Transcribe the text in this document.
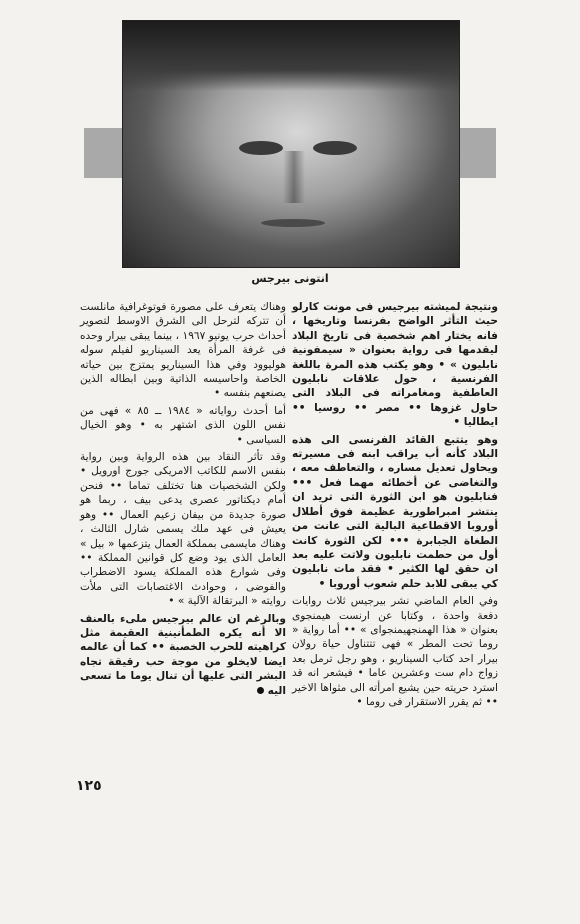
انتونى بيرجس

ونتيجة لميشته بيرجيس فى مونت كارلو حيث التأثر الواضح بفرنسا وتاريخها ، فانه يختار اهم شخصية فى تاريخ البلاد ليقدمها فى رواية بعنوان « سيمفونية نابليون » • وهو يكتب هذه المرة باللغة الفرنسية ، حول علاقات نابليون العاطفية ومغامراته فى البلاد التى حاول غزوها •• مصر •• روسيا •• ايطاليا •

وهو يتتبع القائد الفرنسى الى هذه البلاد كأنه أب يراقب ابنه فى مسيرته ويحاول تعديل مساره ، والتعاطف معه ، والتغاضى عن أخطائه مهما فعل ••• فنابليون هو ابن الثورة التى تريد ان ينتشر امبراطورية عظيمة فوق أطلال أوروبا الاقطاعية البالية التى عانت من الطغاة الجبابرة ••• لكن الثورة كانت أول من حطمت نابليون ولاتت عليه بعد ان حقق لها الكثير • فقد مات نابليون كي يبقى للابد حلم شعوب أوروبا •

وفي العام الماضي نشر بيرجيس ثلاث روايات دفعة واحدة ، وكتابا عن ارنست هيمنجوى بعنوان « هذا الهمنجهيمنجواى » •• أما رواية « روما تحت المطر » فهى تتتناول حياة رولان بيرار احد كتاب السيناريو ، وهو رجل ترمل بعد زواج دام ست وعشرين عاما • فيشعر انه قد استرد حريته حين يشيع امرأته الى مثواها الاخير •• ثم يقرر الاستقرار فى روما •

وهناك يتعرف على مصورة فوتوغرافية مانلست أن تتركه لترحل الى الشرق الاوسط لتصوير أحداث حرب يونيو ١٩٦٧ ، بينما يبقى بيرار وحده فى غرفة المرأة يعد السيناريو لفيلم سوله هوليوود وفي هذا السيناريو يمتزج بين حياته الخاصة واحاسيسه الذاتية وبين ابطاله الذين يصنعهم بنفسه •

أما أحدث رواياته « ١٩٨٤ ــ ٨٥ » فهى من نفس اللون الذى اشتهر به • وهو الخيال السياسى •

وقد تأثر النقاد بين هذه الرواية وبين رواية بنفس الاسم للكاتب الامريكى جورج اورويل • ولكن الشخصيات هنا تختلف تماما •• فنحن أمام ديكتاتور عصرى يدعى بيف ، ربما هو صورة جديدة من بيفان زعيم العمال •• وهو يعيش فى عهد ملك يسمى شارل الثالث ، وهناك مايسمى بمملكة العمال يتزعمها « بيل » العامل الذى يود وضع كل قوانين المملكة •• وفى شوارع هذه المملكة يسود الاضطراب والفوضى ، وحوادث الاغتصابات التى ملأت روايته « البرتقالة الآلية » •

وبالرغم ان عالم بيرجيس ملىء بالعنف الا أنه يكره الطمأنينية العقيمة مثل كراهيته للحرب الخصبة •• كما أن عالمه ايضا لايخلو من موجة حب رقيقة تجاه البشر التى عليها أن تنال يوما ما تسعى اليه

١٢٥
